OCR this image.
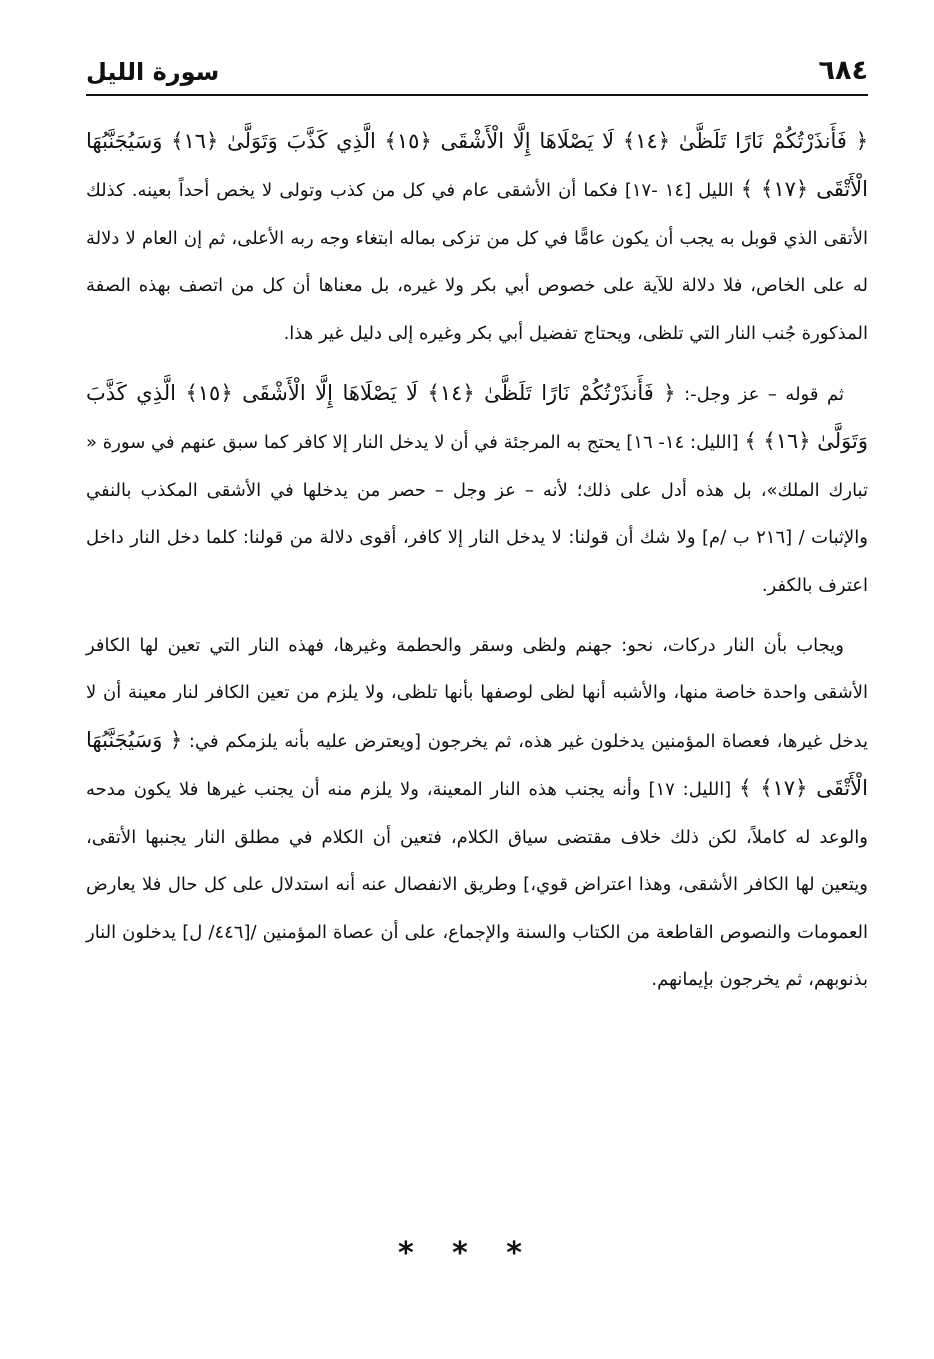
٦٨٤
سورة الليل

﴿ فَأَنذَرْتُكُمْ نَارًا تَلَظَّىٰ ﴿١٤﴾ لَا يَصْلَاهَا إِلَّا الْأَشْقَى ﴿١٥﴾ الَّذِي كَذَّبَ وَتَوَلَّىٰ ﴿١٦﴾ وَسَيُجَنَّبُهَا الْأَتْقَى ﴿١٧﴾ ﴾ الليل [١٤ -١٧] فكما أن الأشقى عام في كل من كذب وتولى لا يخص أحداً بعينه. كذلك الأتقى الذي قوبل به يجب أن يكون عامًّا في كل من تزكى بماله ابتغاء وجه ربه الأعلى، ثم إن العام لا دلالة له على الخاص، فلا دلالة للآية على خصوص أبي بكر ولا غيره، بل معناها أن كل من اتصف بهذه الصفة المذكورة جُنب النار التي تلظى، ويحتاج تفضيل أبي بكر وغيره إلى دليل غير هذا.

ثم قوله – عز وجل-: ﴿ فَأَنذَرْتُكُمْ نَارًا تَلَظَّىٰ ﴿١٤﴾ لَا يَصْلَاهَا إِلَّا الْأَشْقَى ﴿١٥﴾ الَّذِي كَذَّبَ وَتَوَلَّىٰ ﴿١٦﴾ ﴾ [الليل: ١٤- ١٦] يحتج به المرجئة في أن لا يدخل النار إلا كافر كما سبق عنهم في سورة « تبارك الملك»، بل هذه أدل على ذلك؛ لأنه – عز وجل – حصر من يدخلها في الأشقى المكذب بالنفي والإثبات / [٢١٦ ب /م] ولا شك أن قولنا: لا يدخل النار إلا كافر، أقوى دلالة من قولنا: كلما دخل النار داخل اعترف بالكفر.

ويجاب بأن النار دركات، نحو: جهنم ولظى وسقر والحطمة وغيرها، فهذه النار التي تعين لها الكافر الأشقى واحدة خاصة منها، والأشبه أنها لظى لوصفها بأنها تلظى، ولا يلزم من تعين الكافر لنار معينة أن لا يدخل غيرها، فعصاة المؤمنين يدخلون غير هذه، ثم يخرجون [ويعترض عليه بأنه يلزمكم في: ﴿ وَسَيُجَنَّبُهَا الْأَتْقَى ﴿١٧﴾ ﴾ [الليل: ١٧] وأنه يجنب هذه النار المعينة، ولا يلزم منه أن يجنب غيرها فلا يكون مدحه والوعد له كاملاً، لكن ذلك خلاف مقتضى سياق الكلام، فتعين أن الكلام في مطلق النار يجنبها الأتقى، ويتعين لها الكافر الأشقى، وهذا اعتراض قوي،] وطريق الانفصال عنه أنه استدلال على كل حال فلا يعارض العمومات والنصوص القاطعة من الكتاب والسنة والإجماع، على أن عصاة المؤمنين /[٤٤٦/ ل] يدخلون النار بذنوبهم، ثم يخرجون بإيمانهم.

* * *
